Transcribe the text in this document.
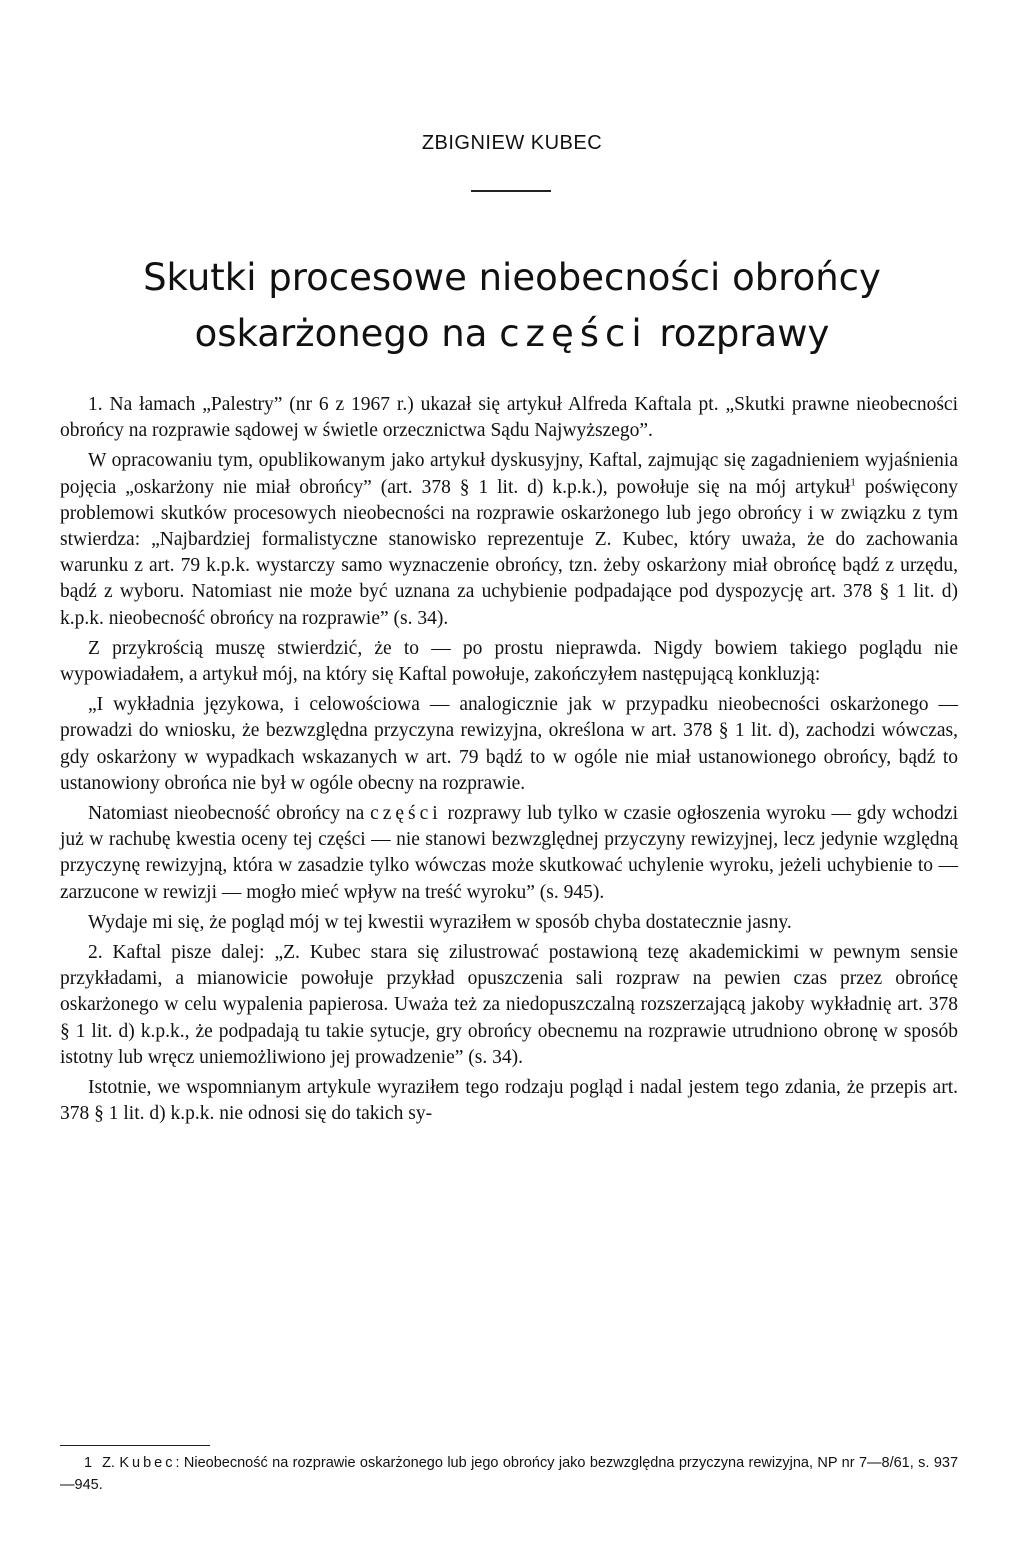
ZBIGNIEW KUBEC
Skutki procesowe nieobecności obrońcy
oskarżonego na części rozprawy

1. Na łamach „Palestry” (nr 6 z 1967 r.) ukazał się artykuł Alfreda Kaftala pt. „Skutki prawne nieobecności obrońcy na rozprawie sądowej w świetle orzecznictwa Sądu Najwyższego”.

W opracowaniu tym, opublikowanym jako artykuł dyskusyjny, Kaftal, zajmując się zagadnieniem wyjaśnienia pojęcia „oskarżony nie miał obrońcy” (art. 378 § 1 lit. d) k.p.k.), powołuje się na mój artykuł$^1$ poświęcony problemowi skutków procesowych nieobecności na rozprawie oskarżonego lub jego obrońcy i w związku z tym stwierdza: „Najbardziej formalistyczne stanowisko reprezentuje Z. Kubec, który uważa, że do zachowania warunku z art. 79 k.p.k. wystarczy samo wyznaczenie obrońcy, tzn. żeby oskarżony miał obrońcę bądź z urzędu, bądź z wyboru. Natomiast nie może być uznana za uchybienie podpadające pod dyspozycję art. 378 § 1 lit. d) k.p.k. nieobecność obrońcy na rozprawie” (s. 34).

Z przykrością muszę stwierdzić, że to — po prostu nieprawda. Nigdy bowiem takiego poglądu nie wypowiadałem, a artykuł mój, na który się Kaftal powołuje, zakończyłem następującą konkluzją:

„I wykładnia językowa, i celowościowa — analogicznie jak w przypadku nieobecności oskarżonego — prowadzi do wniosku, że bezwzględna przyczyna rewizyjna, określona w art. 378 § 1 lit. d), zachodzi wówczas, gdy oskarżony w wypadkach wskazanych w art. 79 bądź to w ogóle nie miał ustanowionego obrońcy, bądź to ustanowiony obrońca nie był w ogóle obecny na rozprawie.

Natomiast nieobecność obrońcy na części rozprawy lub tylko w czasie ogłoszenia wyroku — gdy wchodzi już w rachubę kwestia oceny tej części — nie stanowi bezwzględnej przyczyny rewizyjnej, lecz jedynie względną przyczynę rewizyjną, która w zasadzie tylko wówczas może skutkować uchylenie wyroku, jeżeli uchybienie to — zarzucone w rewizji — mogło mieć wpływ na treść wyroku” (s. 945).

Wydaje mi się, że pogląd mój w tej kwestii wyraziłem w sposób chyba dostatecznie jasny.

2. Kaftal pisze dalej: „Z. Kubec stara się zilustrować postawioną tezę akademickimi w pewnym sensie przykładami, a mianowicie powołuje przykład opuszczenia sali rozpraw na pewien czas przez obrońcę oskarżonego w celu wypalenia papierosa. Uważa też za niedopuszczalną rozszerzającą jakoby wykładnię art. 378 § 1 lit. d) k.p.k., że podpadają tu takie sytucje, gry obrońcy obecnemu na rozprawie utrudniono obronę w sposób istotny lub wręcz uniemożliwiono jej prowadzenie” (s. 34).

Istotnie, we wspomnianym artykule wyraziłem tego rodzaju pogląd i nadal jestem tego zdania, że przepis art. 378 § 1 lit. d) k.p.k. nie odnosi się do takich sy-

1 Z. Kubec: Nieobecność na rozprawie oskarżonego lub jego obrońcy jako bezwzględna przyczyna rewizyjna, NP nr 7—8/61, s. 937—945.
